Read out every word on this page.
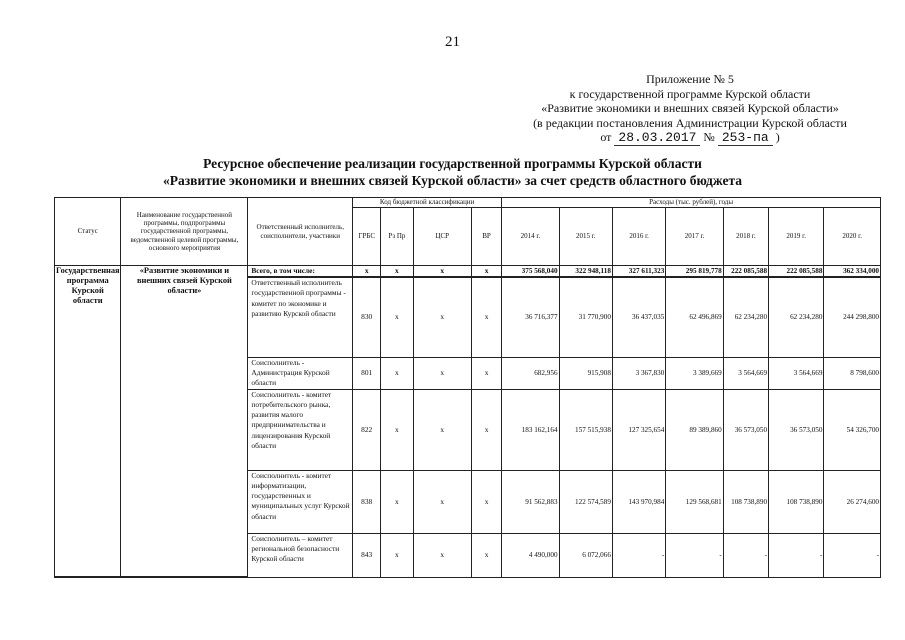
21
Приложение № 5
к государственной программе Курской области
«Развитие экономики и внешних связей Курской области»
(в редакции постановления Администрации Курской области
от 28.03.2017 № 253-па )
Ресурсное обеспечение реализации государственной программы Курской области
«Развитие экономики и внешних связей Курской области» за счет средств областного бюджета
Статус	Наименование государственной программы, подпрограммы государственной программы, ведомственной целевой программы, основного мероприятия	Ответственный исполнитель, соисполнители, участники	Код бюджетной классификации				Расходы (тыс. рублей), годы						
			ГРБС	Рз Пр	ЦСР	ВР	2014 г.	2015 г.	2016 г.	2017 г.	2018 г.	2019 г.	2020 г.
Государственная программа Курской области	«Развитие экономики и внешних связей Курской области»	Всего, в том числе:	х	х	х	х	375 568,040	322 948,118	327 611,323	295 819,778	222 085,588	222 085,588	362 334,000
		Ответственный исполнитель государственной программы - комитет по экономике и развитию Курской области	830	х	х	х	36 716,377	31 770,900	36 437,035	62 496,869	62 234,280	62 234,280	244 298,800
		Соисполнитель - Администрация Курской области	801	х	х	х	682,956	915,908	3 367,830	3 389,669	3 564,669	3 564,669	8 798,600
		Соисполнитель - комитет потребительского рынка, развития малого предпринимательства и лицензирования Курской области	822	х	х	х	183 162,164	157 515,938	127 325,654	89 389,860	36 573,050	36 573,050	54 326,700
		Соисполнитель - комитет информатизации, государственных и муниципальных услуг Курской области	838	х	х	х	91 562,883	122 574,589	143 970,984	129 568,681	108 738,890	108 738,890	26 274,600
		Соисполнитель – комитет региональной безопасности Курской области	843	х	х	х	4 490,000	6 072,066	-	-	-	-	-
